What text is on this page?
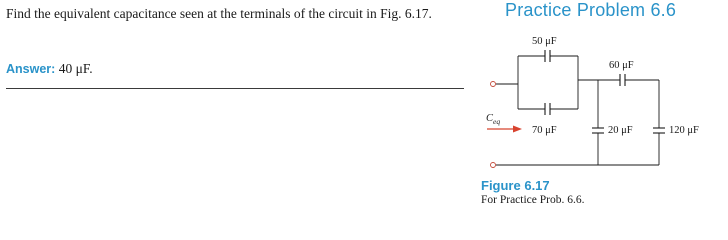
Practice Problem 6.6
Find the equivalent capacitance seen at the terminals of the circuit in Fig. 6.17.
Answer: 40 μF.
$C_{eq}$
50 μF
60 μF
70 μF	20 μF	120 μF
Figure 6.17
For Practice Prob. 6.6.
